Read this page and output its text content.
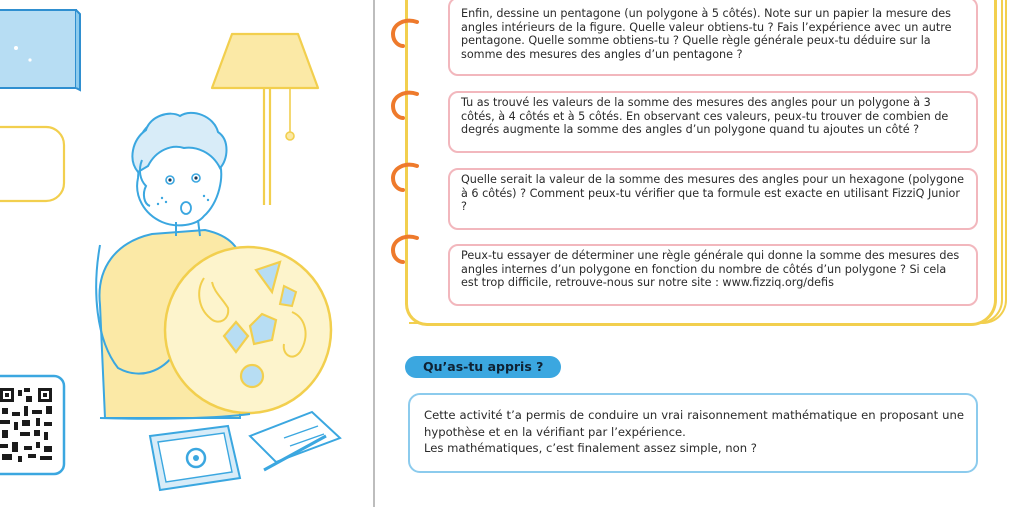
Enfin, dessine un pentagone (un polygone à 5 côtés). Note sur un papier la mesure des angles intérieurs de la figure. Quelle valeur obtiens-tu ? Fais l’expérience avec un autre pentagone. Quelle somme obtiens-tu ? Quelle règle générale peux-tu déduire sur la somme des mesures des angles d’un pentagone ?
Tu as trouvé les valeurs de la somme des mesures des angles pour un polygone à 3 côtés, à 4 côtés et à 5 côtés. En observant ces valeurs, peux-tu trouver de combien de degrés augmente la somme des angles d’un polygone quand tu ajoutes un côté ?
Quelle serait la valeur de la somme des mesures des angles pour un hexagone (polygone à 6 côtés) ? Comment peux-tu vérifier que ta formule est exacte en utilisant FizziQ Junior ?
Peux-tu essayer de déterminer une règle générale qui donne la somme des mesures des angles internes d’un polygone en fonction du nombre de côtés d’un polygone ? Si cela est trop difficile, retrouve-nous sur notre site : www.fizziq.org/defis
Qu’as-tu appris ?

Cette activité t’a permis de conduire un vrai raisonnement mathématique en proposant une hypothèse et en la vérifiant par l’expérience.

Les mathématiques, c’est finalement assez simple, non ?
